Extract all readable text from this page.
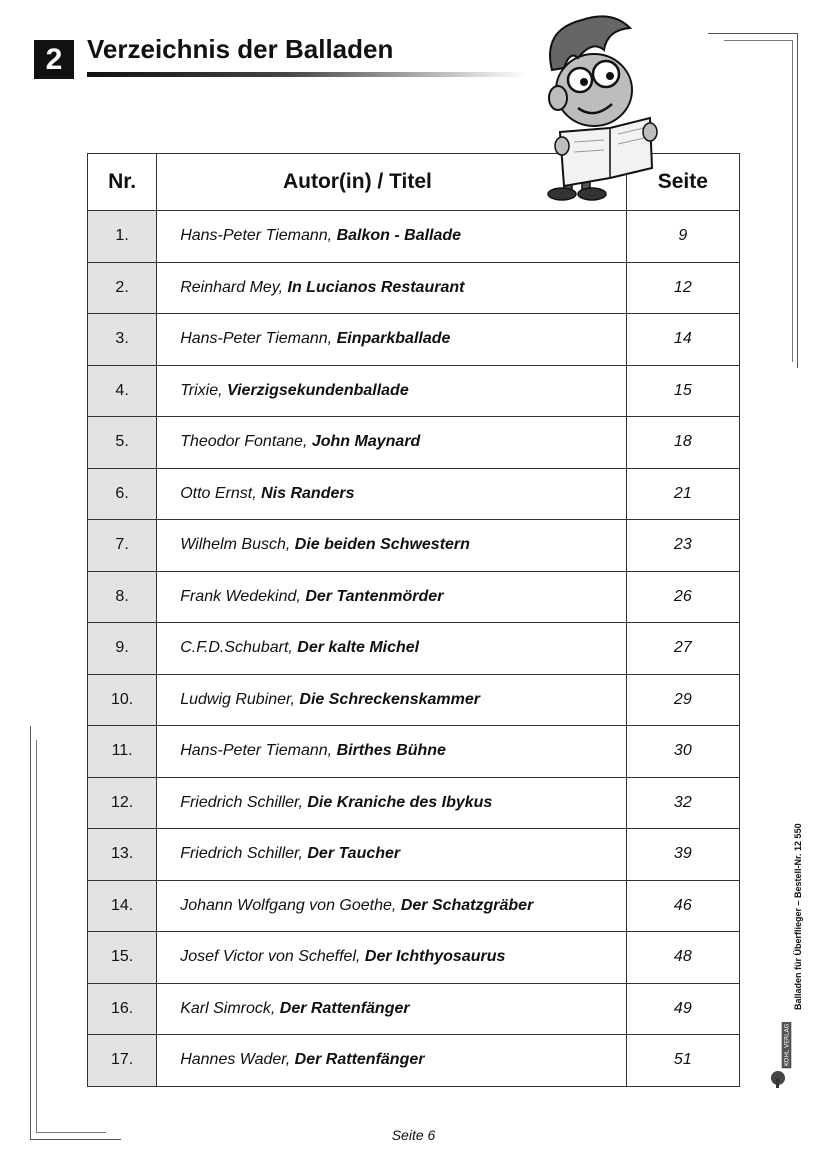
2 Verzeichnis der Balladen
Nr.	Autor(in) / Titel	Seite
1.	Hans-Peter Tiemann, Balkon - Ballade	9
2.	Reinhard Mey, In Lucianos Restaurant	12
3.	Hans-Peter Tiemann, Einparkballade	14
4.	Trixie, Vierzigsekundenballade	15
5.	Theodor Fontane, John Maynard	18
6.	Otto Ernst, Nis Randers	21
7.	Wilhelm Busch, Die beiden Schwestern	23
8.	Frank Wedekind, Der Tantenmörder	26
9.	C.F.D.Schubart, Der kalte Michel	27
10.	Ludwig Rubiner, Die Schreckenskammer	29
11.	Hans-Peter Tiemann, Birthes Bühne	30
12.	Friedrich Schiller, Die Kraniche des Ibykus	32
13.	Friedrich Schiller, Der Taucher	39
14.	Johann Wolfgang von Goethe, Der Schatzgräber	46
15.	Josef Victor von Scheffel, Der Ichthyosaurus	48
16.	Karl Simrock, Der Rattenfänger	49
17.	Hannes Wader, Der Rattenfänger	51
Balladen für Überflieger – Bestell-Nr. 12 550
KOHL VERLAG
Seite 6
